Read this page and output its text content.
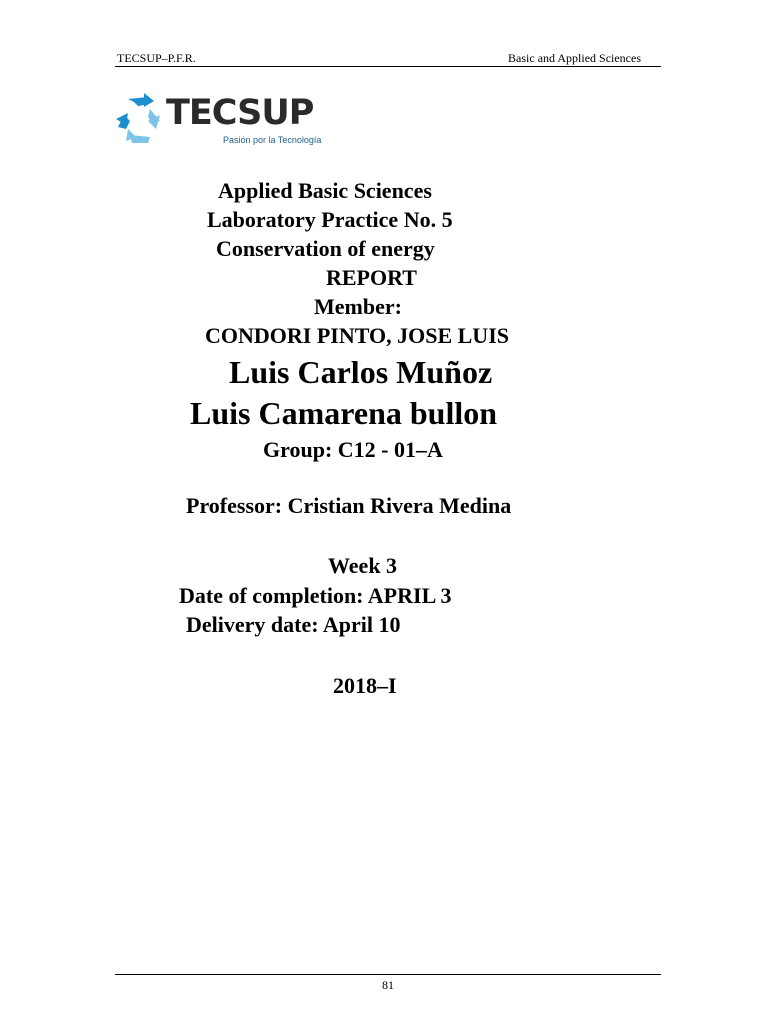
TECSUP–P.F.R.	Basic and Applied Sciences
TECSUP
Pasión por la Tecnología
Applied Basic Sciences
Laboratory Practice No. 5
Conservation of energy
REPORT
Member:
CONDORI PINTO, JOSE LUIS
Luis Carlos Muñoz
Luis Camarena bullon
Group: C12 - 01–A
Professor: Cristian Rivera Medina
Week 3
Date of completion: APRIL 3
Delivery date: April 10
2018–I
81
